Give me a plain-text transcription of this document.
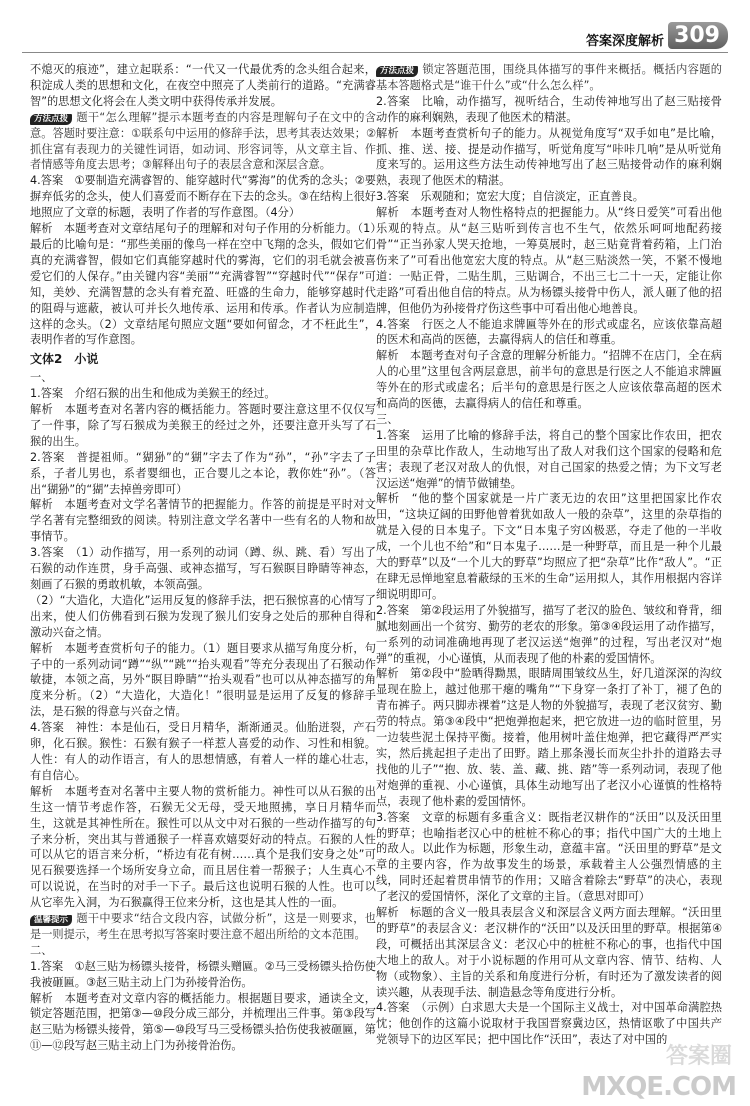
答案深度解析 309

不熄灭的痕迹”，建立起联系：“一代又一代最优秀的念头组合起来，积淀成人类的思想和文化，在夜空中照亮了人类前行的道路。“充满睿智”的思想文化将会在人类文明中获得传承并发展。

方法点拨 题干“怎么理解”提示本题考查的内容是理解句子在文中的含意。答题时要注意：①联系句中运用的修辞手法，思考其表达效果；②抓住富有表现力的关键性词语，如动词、形容词等，从文章主旨、作者情感等角度去思考；③解释出句子的表层含意和深层含意。

4.答案　①要制造充满睿智的、能穿越时代“雾海”的优秀的念头；②要摒弃低劣的念头，使人们喜爱而不断存在下去的念头。③在结构上很好地照应了文章的标题，表明了作者的写作意图。（4分）

解析　本题考查对文章结尾句子的理解和对句子作用的分析能力。（1）最后的比喻句是：“那些美丽的像鸟一样在空中飞翔的念头，假如它们真的充满睿智，假如它们真能穿越时代的雾海，它们的羽毛就会被喜爱它们的人保存。”由关键内容“美丽”“充满睿智”“穿越时代”“保存”可知，美妙、充满智慧的念头有着充盈、旺盛的生命力，能够穿越时代的阻碍与遮蔽，被认可并长久地传承、运用和传承。作者认为应制造这样的念头。（2）文章结尾句照应文题“要如何留念，才不枉此生”，表明作者的写作意图。

文体2　小说

一、

1.答案　介绍石猴的出生和他成为美猴王的经过。

解析　本题考查对名著内容的概括能力。答题时要注意这里不仅仅写了一件事，除了写石猴成为美猴王的经过之外，还要注意开头写了石猴的出生。

2.答案　普提祖师。“猢狲”的“猢”字去了作为“孙”，“孙”字去了子系，子者儿男也，系者婴细也，正合婴儿之本论，教你姓“孙”。（答出“猢狲”的“猢”去掉兽旁即可）

解析　本题考查对文学名著情节的把握能力。作答的前提是平时对文学名著有完整细致的阅读。特别注意文学名著中一些有名的人物和故事情节。

3.答案　（1）动作描写，用一系列的动词（蹲、纵、跳、看）写出了石猴的动作连贯，身手高强、或神态描写，写石猴瞑目睁睛等神态，刻画了石猴的勇敢机敏，本领高强。

（2）“大造化，大造化”运用反复的修辞手法，把石猴惊喜的心情写了出来，使人们仿佛看到石猴为发现了猴儿们安身之处后的那种自得和激动兴奋之情。

解析　本题考查赏析句子的能力。（1）题目要求从描写角度分析，句子中的一系列动词“蹲”“纵”“跳”“抬头观看”等充分表现出了石猴动作敏捷，本领之高，另外“瞑目睁睛”“抬头观看”也可以从神态描写的角度来分析。（2）“大造化，大造化！”很明显是运用了反复的修辞手法，是石猴的得意与兴奋之情。

4.答案　神性：本是仙石，受日月精华，渐渐通灵。仙胎迸裂，产石卵，化石猴。猴性：石猴有猴子一样惹人喜爱的动作、习性和相貌。人性：有人的动作语言，有人的思想情感，有着人一样的雄心壮志，有自信心。

解析　本题考查对名著中主要人物的赏析能力。神性可以从石猴的出生这一情节考虑作答，石猴无父无母，受天地照拂，享日月精华而生，这就是其神性所在。猴性可以从文中对石猴的一些动作描写的句子来分析，突出其与普通猴子一样喜欢嬉耍好动的特点。石猴的人性可以从它的语言来分析，“桥边有花有树……真个是我们安身之处”可见石猴要选择一个场所安身立命，而且居住着一帮猴子；人生真心不可以说说，在当时的对手一下子。最后这也说明石猴的人性。也可以从它率先入洞，为石猴赢得王位来分析，这也是其人性的一面。

温馨提示 题干中要求“结合文段内容，试做分析”，这是一则要求，也是一则提示，考生在思考拟写答案时要注意不超出所给的文本范围。

二、

1.答案　①赵三贴为杨镖头接骨，杨镖头赠匾。②马三受杨镖头拾伤使我被砸匾。③赵三贴主动上门为孙接骨治伤。

解析　本题考查对文章内容的概括能力。根据题目要求，通读全文，锁定答题范围，把第③—⑩段分成三部分，并梳理出三件事。第③段写赵三贴为杨镖头接骨，第⑤—⑩段写马三受杨镖头拾伤使我被砸匾，第⑪—⑫段写赵三贴主动上门为孙接骨治伤。

方法点拨 锁定答题范围，围绕具体描写的事件来概括。概括内容题的基本答题格式是“谁干什么”或“什么怎么样”。

2.答案　比喻，动作描写，视听结合，生动传神地写出了赵三贴接骨动作的麻利娴熟，表现了他医术的精湛。

解析　本题考查赏析句子的能力。从视觉角度写“双手如电”是比喻，抓、推、送、接、提是动作描写，听觉角度写“咔咔几响”是从听觉角度来写的。运用这些方法生动传神地写出了赵三贴接骨动作的麻利娴熟，表现了他医术的精湛。

3.答案　乐观随和；宽宏大度；自信淡定，正直善良。

解析　本题考查对人物性格特点的把握能力。从“终日爱笑”可看出他乐观的特点。从“赵三贴听到传言也不生气，依然乐呵呵地配药接骨”“正当孙家人哭天抢地，一筹莫展时，赵三贴竟背着药箱，上门治伤来了”可看出他宽宏大度的特点。从“赵三贴淡然一笑，不紧不慢地道：一贴正骨，二贴生肌，三贴调合，不出三七二十一天，定能让你走路”可看出他自信的特点。从为杨镖头接骨中伤人，派人砸了他的招牌，但他仍为孙接骨疗伤这些事中可看出他心地善良。

4.答案　行医之人不能追求牌匾等外在的形式或虚名，应该依靠高超的医术和高尚的医德，去赢得病人的信任和尊重。

解析　本题考查对句子含意的理解分析能力。“招牌不在店门，全在病人的心里”这里包含两层意思，前半句的意思是行医之人不能追求牌匾等外在的形式或虚名；后半句的意思是行医之人应该依靠高超的医术和高尚的医德，去赢得病人的信任和尊重。

三、

1.答案　运用了比喻的修辞手法，将自己的整个国家比作农田，把农田里的杂草比作敌人，生动地写出了敌人对我们这个国家的侵略和危害；表现了老汉对敌人的仇恨，对自己国家的热爱之情；为下文写老汉运送“炮弹”的情节做铺垫。

解析　“他的整个国家就是一片广袤无边的农田”这里把国家比作农田，“这块辽阔的田野他曾着犹如敌人一般的杂草”，这里的杂草指的就是入侵的日本鬼子。下文“日本鬼子穷凶极恶，夺走了他的一半收成，一个儿也不给”和“日本鬼子……是一种野草，而且是一种个儿最大的野草”以及“一个儿大的野草”均照应了把“杂草”比作“敌人”。“正在肆无忌惮地窒息着蔽绿的玉米的生命”运用拟人，其作用根据内容详细说明即可。

2.答案　第②段运用了外貌描写，描写了老汉的脸色、皱纹和脊背，细腻地刻画出一个贫穷、勤劳的老农的形象。第③④段运用了动作描写，一系列的动词准确地再现了老汉运送“炮弹”的过程，写出老汉对“炮弹”的重视，小心谨慎，从而表现了他的朴素的爱国情怀。

解析　第②段中“脸晒得黝黑，眼睛周围皱纹丛生，好几道深深的沟纹显现在脸上，越过他那干瘪的嘴角”“下身穿一条打了补丁，褪了色的青布裤子。两只脚赤裸着”这是人物的外貌描写，表现了老汉贫穷、勤劳的特点。第③④段中“把炮弹抱起来，把它放进一边的临时笸里，另一边装些泥土保持平衡。接着，他用树叶盖住炮弹，把它藏得严严实实，然后挑起担子走出了田野。踏上那条漫长而灰尘扑扑的道路去寻找他的儿子”“抱、放、装、盖、藏、挑、踏”等一系列动词，表现了他对炮弹的重视、小心谨慎，具体生动地写出了老汉小心谨慎的性格特点，表现了他朴素的爱国情怀。

3.答案　文章的标题有多重含义：既指老汉耕作的“沃田”以及沃田里的野草；也喻指老汉心中的桩桩不称心的事；指代中国广大的土地上的敌人。以此作为标题，形象生动，意蕴丰富。“沃田里的野草”是文章的主要内容，作为故事发生的场景，承载着主人公强烈情感的主线，同时还起着贯串情节的作用；又暗含着除去“野草”的决心，表现了老汉的爱国情怀，深化了文章的主旨。（意思对即可）

解析　标题的含义一般具表层含义和深层含义两方面去理解。“沃田里的野草”的表层含义：老汉耕作的“沃田”以及沃田里的野草。根据第④段，可概括出其深层含义：老汉心中的桩桩不称心的事，也指代中国大地上的敌人。对于小说标题的作用可从文章内容、情节、结构、人物（或物象）、主旨的关系和角度进行分析，有时还为了激发读者的阅读兴趣，从表现手法、制造悬念等角度进行分析。

4.答案　（示例）白求恩大夫是一个国际主义战士，对中国革命满腔热忱；他创作的这篇小说取材于我国晋察冀边区，热情讴歌了中国共产党领导下的边区军民；把中国比作“沃田”，表达了对中国的

答案圈
MXQE.COM
